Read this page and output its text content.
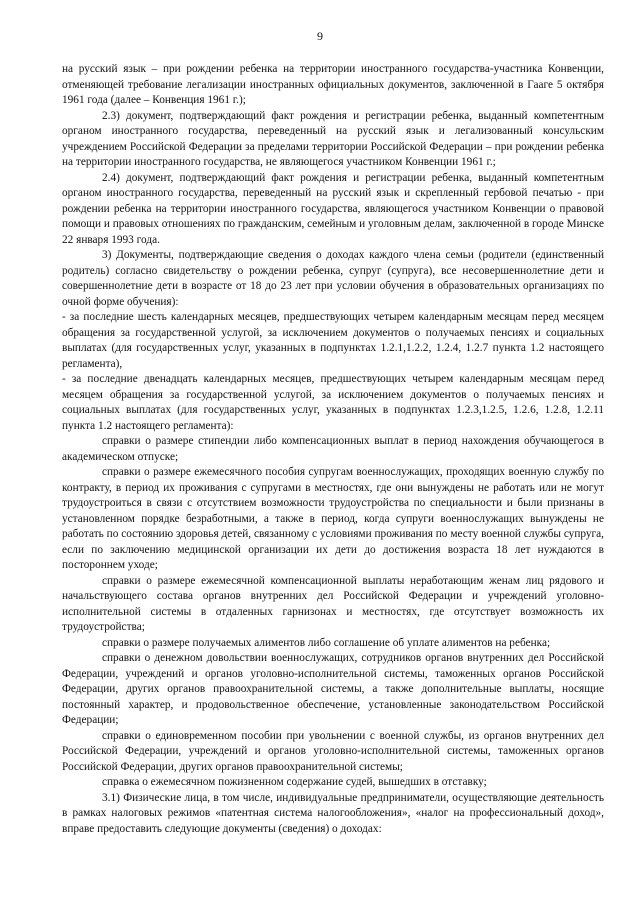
9

на русский язык – при рождении ребенка на территории иностранного государства-участника Конвенции, отменяющей требование легализации иностранных официальных документов, заключенной в Гааге 5 октября 1961 года (далее – Конвенция 1961 г.);

2.3) документ, подтверждающий факт рождения и регистрации ребенка, выданный компетентным органом иностранного государства, переведенный на русский язык и легализованный консульским учреждением Российской Федерации за пределами территории Российской Федерации – при рождении ребенка на территории иностранного государства, не являющегося участником Конвенции 1961 г.;

2.4) документ, подтверждающий факт рождения и регистрации ребенка, выданный компетентным органом иностранного государства, переведенный на русский язык и скрепленный гербовой печатью - при рождении ребенка на территории иностранного государства, являющегося участником Конвенции о правовой помощи и правовых отношениях по гражданским, семейным и уголовным делам, заключенной в городе Минске 22 января 1993 года.

3) Документы, подтверждающие сведения о доходах каждого члена семьи (родители (единственный родитель) согласно свидетельству о рождении ребенка, супруг (супруга), все несовершеннолетние дети и совершеннолетние дети в возрасте от 18 до 23 лет при условии обучения в образовательных организациях по очной форме обучения):

- за последние шесть календарных месяцев, предшествующих четырем календарным месяцам перед месяцем обращения за государственной услугой, за исключением документов о получаемых пенсиях и социальных выплатах (для государственных услуг, указанных в подпунктах 1.2.1,1.2.2, 1.2.4, 1.2.7 пункта 1.2 настоящего регламента),

- за последние двенадцать календарных месяцев, предшествующих четырем календарным месяцам перед месяцем обращения за государственной услугой, за исключением документов о получаемых пенсиях и социальных выплатах (для государственных услуг, указанных в подпунктах 1.2.3,1.2.5, 1.2.6, 1.2.8, 1.2.11 пункта 1.2 настоящего регламента):

справки о размере стипендии либо компенсационных выплат в период нахождения обучающегося в академическом отпуске;

справки о размере ежемесячного пособия супругам военнослужащих, проходящих военную службу по контракту, в период их проживания с супругами в местностях, где они вынуждены не работать или не могут трудоустроиться в связи с отсутствием возможности трудоустройства по специальности и были признаны в установленном порядке безработными, а также в период, когда супруги военнослужащих вынуждены не работать по состоянию здоровья детей, связанному с условиями проживания по месту военной службы супруга, если по заключению медицинской организации их дети до достижения возраста 18 лет нуждаются в постороннем уходе;

справки о размере ежемесячной компенсационной выплаты неработающим женам лиц рядового и начальствующего состава органов внутренних дел Российской Федерации и учреждений уголовно-исполнительной системы в отдаленных гарнизонах и местностях, где отсутствует возможность их трудоустройства;

справки о размере получаемых алиментов либо соглашение об уплате алиментов на ребенка;

справки о денежном довольствии военнослужащих, сотрудников органов внутренних дел Российской Федерации, учреждений и органов уголовно-исполнительной системы, таможенных органов Российской Федерации, других органов правоохранительной системы, а также дополнительные выплаты, носящие постоянный характер, и продовольственное обеспечение, установленные законодательством Российской Федерации;

справки о единовременном пособии при увольнении с военной службы, из органов внутренних дел Российской Федерации, учреждений и органов уголовно-исполнительной системы, таможенных органов Российской Федерации, других органов правоохранительной системы;

справка о ежемесячном пожизненном содержание судей, вышедших в отставку;

3.1) Физические лица, в том числе, индивидуальные предприниматели, осуществляющие деятельность в рамках налоговых режимов «патентная система налогообложения», «налог на профессиональный доход», вправе предоставить следующие документы (сведения) о доходах:
